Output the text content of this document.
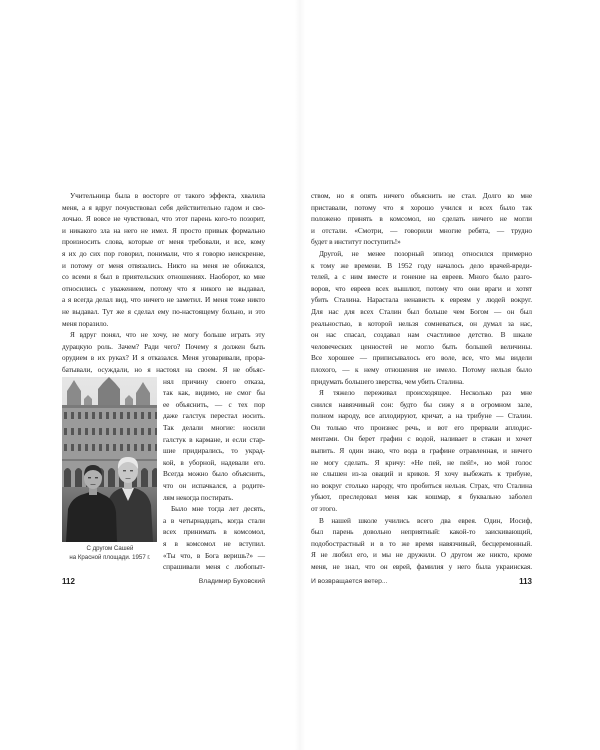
Учительница была в восторге от такого эффекта, хвалила
меня, а я вдруг почувствовал себя действительно гадом и сво-
лочью. Я вовсе не чувствовал, что этот парень кого-то позорит,
и никакого зла на него не имел. Я просто привык формально
произносить слова, которые от меня требовали, и все, кому
я их до сих пор говорил, понимали, что я говорю неискренне,
и потому от меня отвязались. Никто на меня не обижался,
со всеми я был в приятельских отношениях. Наоборот, ко мне
относились с уважением, потому что я никого не выдавал,
а я всегда делал вид, что ничего не заметил. И меня тоже никто
не выдавал. Тут же я сделал ему по-настоящему больно, и это
меня поразило.
Я вдруг понял, что не хочу, не могу больше играть эту
дурацкую роль. Зачем? Ради чего? Почему я должен быть
орудием в их руках? И я отказался. Меня уговаривали, прора-
батывали, осуждали, но я настоял на своем. Я не объяс-
С другом Сашей
на Красной площади. 1957 г.
нял причину своего отказа,
так как, видимо, не смог бы
ее объяснить, — с тех пор
даже галстук перестал носить.
Так делали многие: носили
галстук в кармане, и если стар-
шие придирались, то украд-
кой, в уборной, надевали его.
Всегда можно было объяснить,
что он испачкался, а родите-
лям некогда постирать.
Было мне тогда лет десять,
а в четырнадцать, когда стали
всех принимать в комсомол,
я в комсомол не вступил.
«Ты что, в Бога веришь?» —
спрашивали меня с любопыт-
112	Владимир Буковский
ством, но я опять ничего объяснить не стал. Долго ко мне
приставали, потому что я хорошо учился и всех было так
положено принять в комсомол, но сделать ничего не могли
и отстали. «Смотри, — говорили многие ребята, — трудно
будет в институт поступить!»
Другой, не менее позорный эпизод относился примерно
к тому же времени. В 1952 году началось дело врачей-вреди-
телей, а с ним вместе и гонение на евреев. Много было разго-
воров, что евреев всех вышлют, потому что они враги и хотят
убить Сталина. Нарастала ненависть к евреям у людей вокруг.
Для нас для всех Сталин был больше чем Богом — он был
реальностью, в которой нельзя сомневаться, он думал за нас,
он нас спасал, создавал нам счастливое детство. В шкале
человеческих ценностей не могло быть большей величины.
Все хорошее — приписывалось его воле, все, что мы видели
плохого, — к нему отношения не имело. Потому нельзя было
придумать большего зверства, чем убить Сталина.
Я тяжело переживал происходящее. Несколько раз мне
снился навязчивый сон: будто бы сижу я в огромном зале,
полном народу, все аплодируют, кричат, а на трибуне — Сталин.
Он только что произнес речь, и вот его прервали аплодис-
ментами. Он берет графин с водой, наливает в стакан и хочет
выпить. Я один знаю, что вода в графине отравленная, и ничего
не могу сделать. Я кричу: «Не пей, не пей!», но мой голос
не слышен из-за оваций и криков. Я хочу выбежать к трибуне,
но вокруг столько народу, что пробиться нельзя. Страх, что Сталина
убьют, преследовал меня как кошмар, я буквально заболел
от этого.
В нашей школе учились всего два еврея. Один, Иосиф,
был парень довольно неприятный: какой-то заискивающий,
подобострастный и в то же время навязчивый, бесцеремонный.
Я не любил его, и мы не дружили. О другом же никто, кроме
меня, не знал, что он еврей, фамилия у него была украинская.
И возвращается ветер...	113
